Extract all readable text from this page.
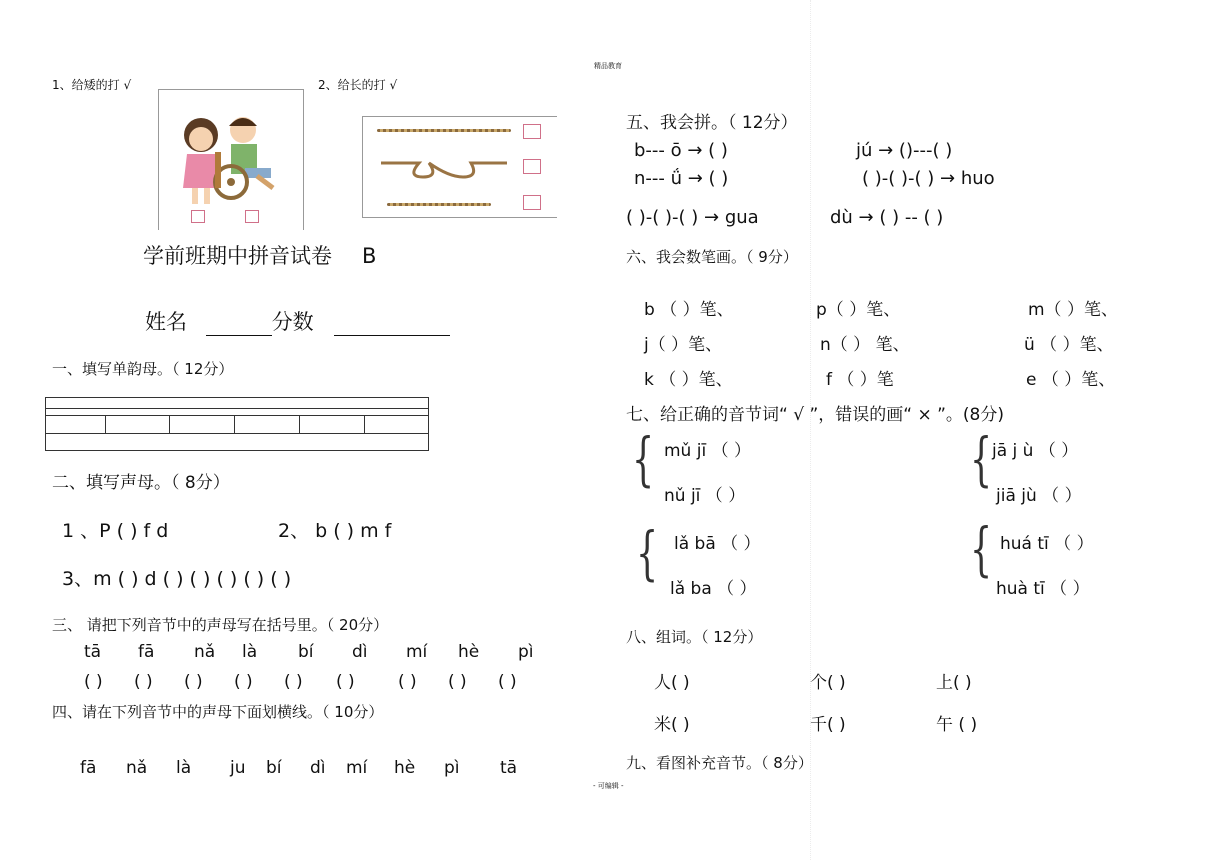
1、给矮的打 √	2、给长的打 √
学前班期中拼音试卷 B
姓名	分数
一、填写单韵母。（ 12分）
二、填写声母。（ 8分）
1 、P ( ) f d	2、 b ( ) m f
3、m ( ) d ( ) ( ) ( ) ( ) ( )
三、 请把下列音节中的声母写在括号里。（ 20分）
tā fā nǎ là bí dì mí hè pì
( ) ( ) ( ) ( ) ( ) ( )	( ) ( ) ( )
四、请在下列音节中的声母下面划横线。（ 10分）
fā nǎ là ju bí dì mí hè pì tā
精品教育
五、我会拼。（ 12分）
b--- ō → ( )	jú → ()---( )
n--- ǘ → ( )	( )-( )-( ) → huo
( )-( )-( ) → gua	dù → ( ) -- ( )
六、我会数笔画。（ 9分）
b （ ）笔、	p（ ）笔、	m（ ）笔、
j（ ）笔、	n（ ） 笔、	ü （ ）笔、
k （ ）笔、	f （ ）笔	e （ ）笔、
七、给正确的音节词“ √ ”，错误的画“ × ”。(8分)
{ mǔ jī （ ）
nǔ jī （ ）
{ jā j ù （ ）
jiā jù （ ）
{ lǎ bā （ ）
lǎ ba （ ）
{ huá tī （ ）
huà tī （ ）
八、组词。（ 12分）
人( )	个( )	上( )
米( )	千( )	午 ( )
九、看图补充音节。（ 8分）
- 可编辑 -
